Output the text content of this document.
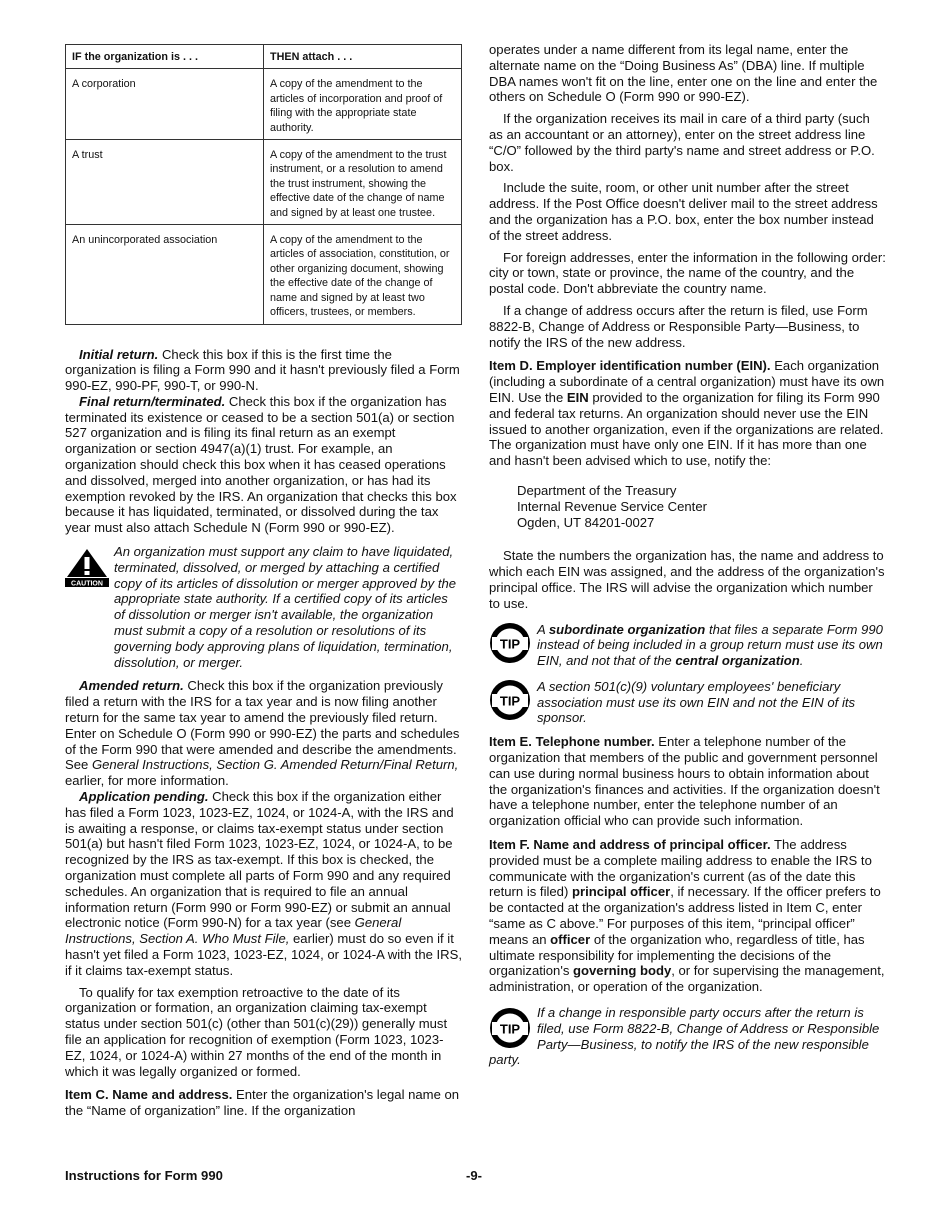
IF the organization is . . .	THEN attach . . .
A corporation	A copy of the amendment to the articles of incorporation and proof of filing with the appropriate state authority.
A trust	A copy of the amendment to the trust instrument, or a resolution to amend the trust instrument, showing the effective date of the change of name and signed by at least one trustee.
An unincorporated association	A copy of the amendment to the articles of association, constitution, or other organizing document, showing the effective date of the change of name and signed by at least two officers, trustees, or members.

Initial return. Check this box if this is the first time the organization is filing a Form 990 and it hasn't previously filed a Form 990-EZ, 990-PF, 990-T, or 990-N.

Final return/terminated. Check this box if the organization has terminated its existence or ceased to be a section 501(a) or section 527 organization and is filing its final return as an exempt organization or section 4947(a)(1) trust. For example, an organization should check this box when it has ceased operations and dissolved, merged into another organization, or has had its exemption revoked by the IRS. An organization that checks this box because it has liquidated, terminated, or dissolved during the tax year must also attach Schedule N (Form 990 or 990-EZ).

CAUTION

An organization must support any claim to have liquidated, terminated, dissolved, or merged by attaching a certified copy of its articles of dissolution or merger approved by the appropriate state authority. If a certified copy of its articles of dissolution or merger isn't available, the organization must submit a copy of a resolution or resolutions of its governing body approving plans of liquidation, termination, dissolution, or merger.

Amended return. Check this box if the organization previously filed a return with the IRS for a tax year and is now filing another return for the same tax year to amend the previously filed return. Enter on Schedule O (Form 990 or 990-EZ) the parts and schedules of the Form 990 that were amended and describe the amendments. See General Instructions, Section G. Amended Return/Final Return, earlier, for more information.

Application pending. Check this box if the organization either has filed a Form 1023, 1023-EZ, 1024, or 1024-A, with the IRS and is awaiting a response, or claims tax-exempt status under section 501(a) but hasn't filed Form 1023, 1023-EZ, 1024, or 1024-A, to be recognized by the IRS as tax-exempt. If this box is checked, the organization must complete all parts of Form 990 and any required schedules. An organization that is required to file an annual information return (Form 990 or Form 990-EZ) or submit an annual electronic notice (Form 990-N) for a tax year (see General Instructions, Section A. Who Must File, earlier) must do so even if it hasn't yet filed a Form 1023, 1023-EZ, 1024, or 1024-A with the IRS, if it claims tax-exempt status.

To qualify for tax exemption retroactive to the date of its organization or formation, an organization claiming tax-exempt status under section 501(c) (other than 501(c)(29)) generally must file an application for recognition of exemption (Form 1023, 1023-EZ, 1024, or 1024-A) within 27 months of the end of the month in which it was legally organized or formed.

Item C. Name and address. Enter the organization's legal name on the “Name of organization” line. If the organization

operates under a name different from its legal name, enter the alternate name on the “Doing Business As” (DBA) line. If multiple DBA names won't fit on the line, enter one on the line and enter the others on Schedule O (Form 990 or 990-EZ).

If the organization receives its mail in care of a third party (such as an accountant or an attorney), enter on the street address line “C/O” followed by the third party's name and street address or P.O. box.

Include the suite, room, or other unit number after the street address. If the Post Office doesn't deliver mail to the street address and the organization has a P.O. box, enter the box number instead of the street address.

For foreign addresses, enter the information in the following order: city or town, state or province, the name of the country, and the postal code. Don't abbreviate the country name.

If a change of address occurs after the return is filed, use Form 8822-B, Change of Address or Responsible Party—Business, to notify the IRS of the new address.

Item D. Employer identification number (EIN). Each organization (including a subordinate of a central organization) must have its own EIN. Use the EIN provided to the organization for filing its Form 990 and federal tax returns. An organization should never use the EIN issued to another organization, even if the organizations are related. The organization must have only one EIN. If it has more than one and hasn't been advised which to use, notify the:

Department of the Treasury

Internal Revenue Service Center

Ogden, UT 84201-0027

State the numbers the organization has, the name and address to which each EIN was assigned, and the address of the organization's principal office. The IRS will advise the organization which number to use.

TIP

A subordinate organization that files a separate Form 990 instead of being included in a group return must use its own EIN, and not that of the central organization.

TIP

A section 501(c)(9) voluntary employees' beneficiary association must use its own EIN and not the EIN of its sponsor.

Item E. Telephone number. Enter a telephone number of the organization that members of the public and government personnel can use during normal business hours to obtain information about the organization's finances and activities. If the organization doesn't have a telephone number, enter the telephone number of an organization official who can provide such information.

Item F. Name and address of principal officer. The address provided must be a complete mailing address to enable the IRS to communicate with the organization's current (as of the date this return is filed) principal officer, if necessary. If the officer prefers to be contacted at the organization's address listed in Item C, enter “same as C above.” For purposes of this item, “principal officer” means an officer of the organization who, regardless of title, has ultimate responsibility for implementing the decisions of the organization's governing body, or for supervising the management, administration, or operation of the organization.

TIP

If a change in responsible party occurs after the return is filed, use Form 8822-B, Change of Address or Responsible Party—Business, to notify the IRS of the new responsible party.

Instructions for Form 990	-9-
